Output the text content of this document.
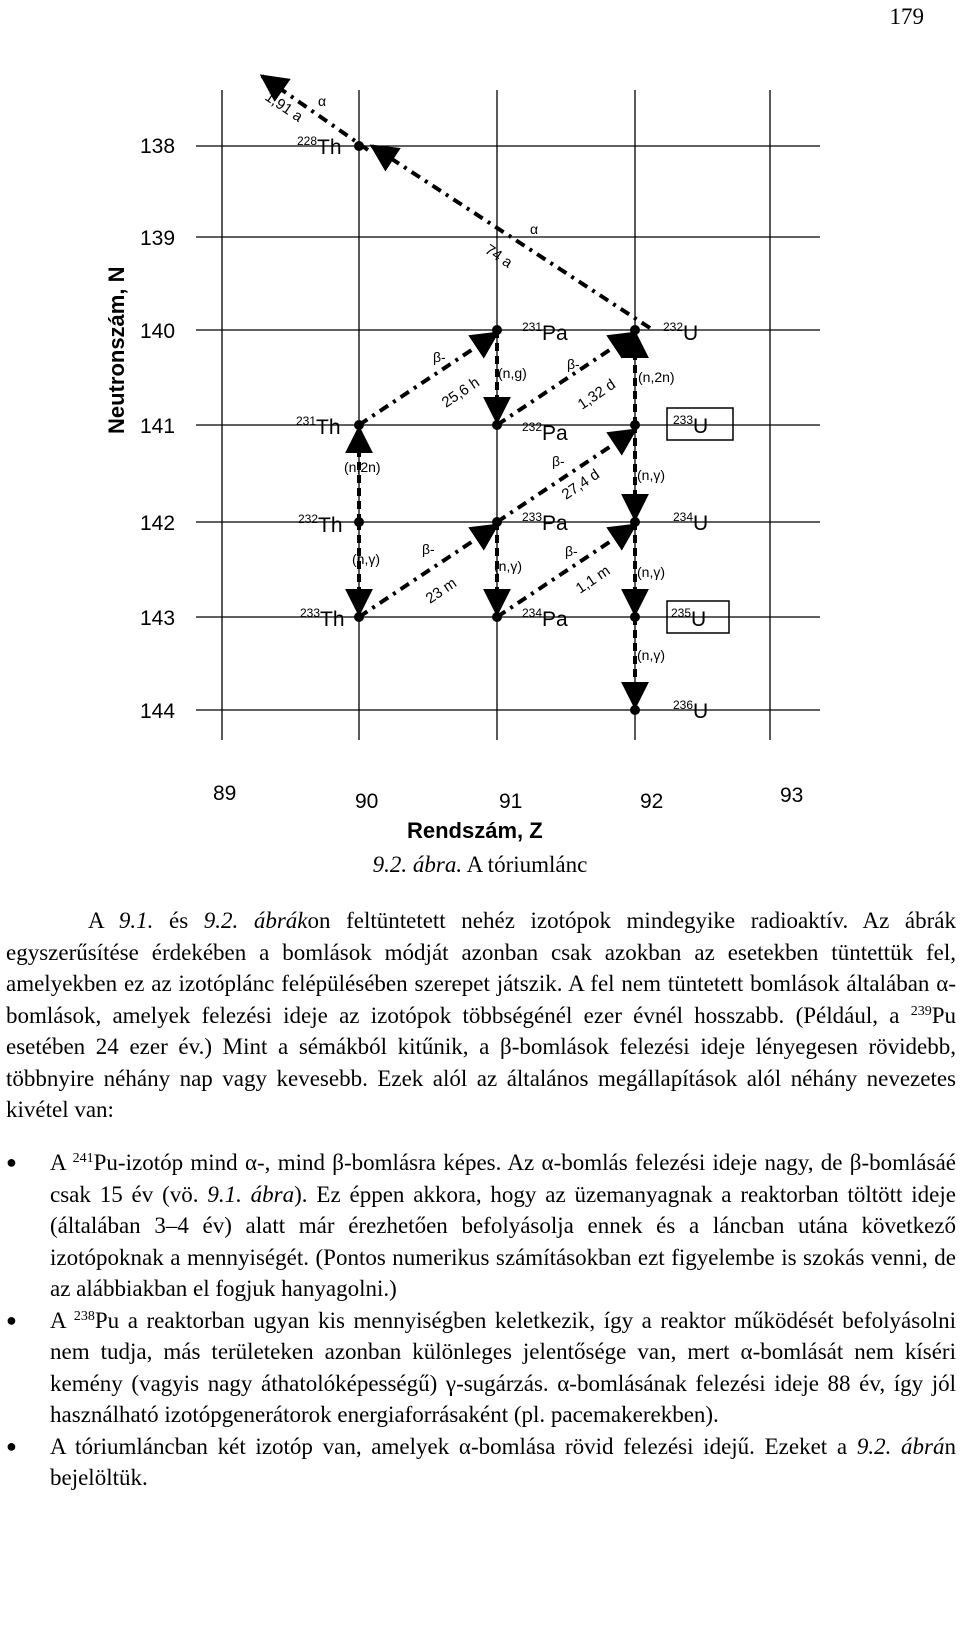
179
138
139
140
141
142
143
144
89	90	91	92	93
Neutronszám, N
Rendszám, Z
$^{228}$Th
$^{231}$Th
$^{232}$Th
$^{233}$Th
$^{231}$Pa
$^{232}$Pa
$^{233}$Pa
$^{234}$Pa
$^{232}$U
$^{233}$U
$^{234}$U
$^{235}$U
$^{236}$U
α
1,91 a
α
74 a
β-
25,6 h
(n,g)
β-
1,32 d (n,2n)
(n,2n)	β-
27,4 d (n,γ)
(n,γ)
β-
23 m
(n,γ)
β-
1,1 m (n,γ)
(n,γ)
9.2. ábra. A tóriumlánc

A 9.1. és 9.2. ábrákon feltüntetett nehéz izotópok mindegyike radioaktív. Az ábrák egyszerűsítése érdekében a bomlások módját azonban csak azokban az esetekben tüntettük fel, amelyekben ez az izotóplánc felépülésében szerepet játszik. A fel nem tüntetett bomlások általában α-bomlások, amelyek felezési ideje az izotópok többségénél ezer évnél hosszabb. (Például, a $^{239}$Pu esetében 24 ezer év.) Mint a sémákból kitűnik, a β-bomlások felezési ideje lényegesen rövidebb, többnyire néhány nap vagy kevesebb. Ezek alól az általános megállapítások alól néhány nevezetes kivétel van:

● A $^{241}$Pu-izotóp mind α-, mind β-bomlásra képes. Az α-bomlás felezési ideje nagy, de β-bomlásáé csak 15 év (vö. 9.1. ábra). Ez éppen akkora, hogy az üzemanyagnak a reaktorban töltött ideje (általában 3–4 év) alatt már érezhetően befolyásolja ennek és a láncban utána következő izotópoknak a mennyiségét. (Pontos numerikus számításokban ezt figyelembe is szokás venni, de az alábbiakban el fogjuk hanyagolni.)
● A $^{238}$Pu a reaktorban ugyan kis mennyiségben keletkezik, így a reaktor működését befolyásolni nem tudja, más területeken azonban különleges jelentősége van, mert α-bomlását nem kíséri kemény (vagyis nagy áthatolóképességű) γ-sugárzás. α-bomlásának felezési ideje 88 év, így jól használható izotópgenerátorok energiaforrásaként (pl. pacemakerekben).
● A tóriumláncban két izotóp van, amelyek α-bomlása rövid felezési idejű. Ezeket a 9.2. ábrán bejelöltük.
